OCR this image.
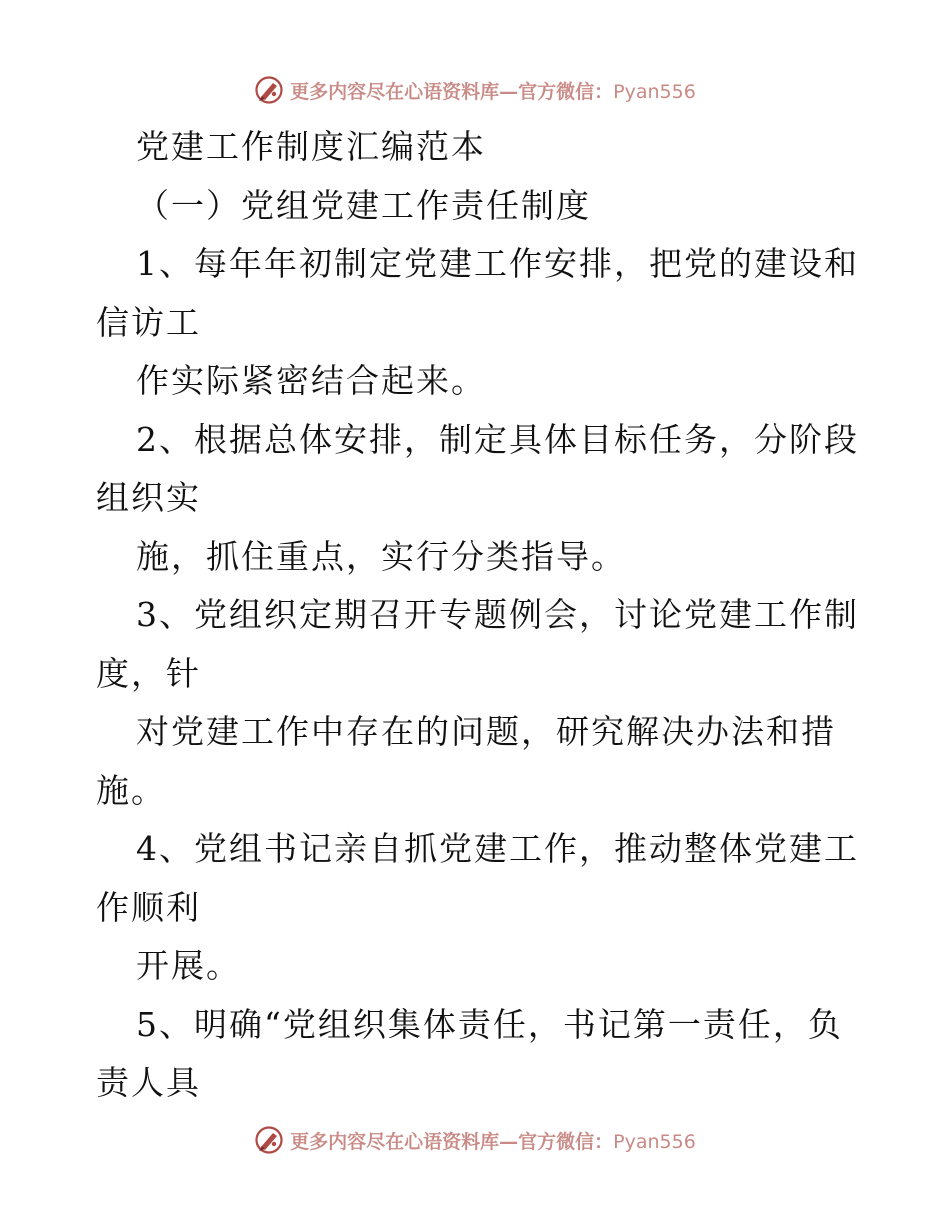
更多内容尽在心语资料库—官方微信：Pyan556
党建工作制度汇编范本
（一）党组党建工作责任制度
1、每年年初制定党建工作安排，把党的建设和
信访工
作实际紧密结合起来。
2、根据总体安排，制定具体目标任务，分阶段
组织实
施，抓住重点，实行分类指导。
3、党组织定期召开专题例会，讨论党建工作制
度，针
对党建工作中存在的问题，研究解决办法和措
施。
4、党组书记亲自抓党建工作，推动整体党建工
作顺利
开展。
5、明确“党组织集体责任，书记第一责任，负
责人具
更多内容尽在心语资料库—官方微信：Pyan556
